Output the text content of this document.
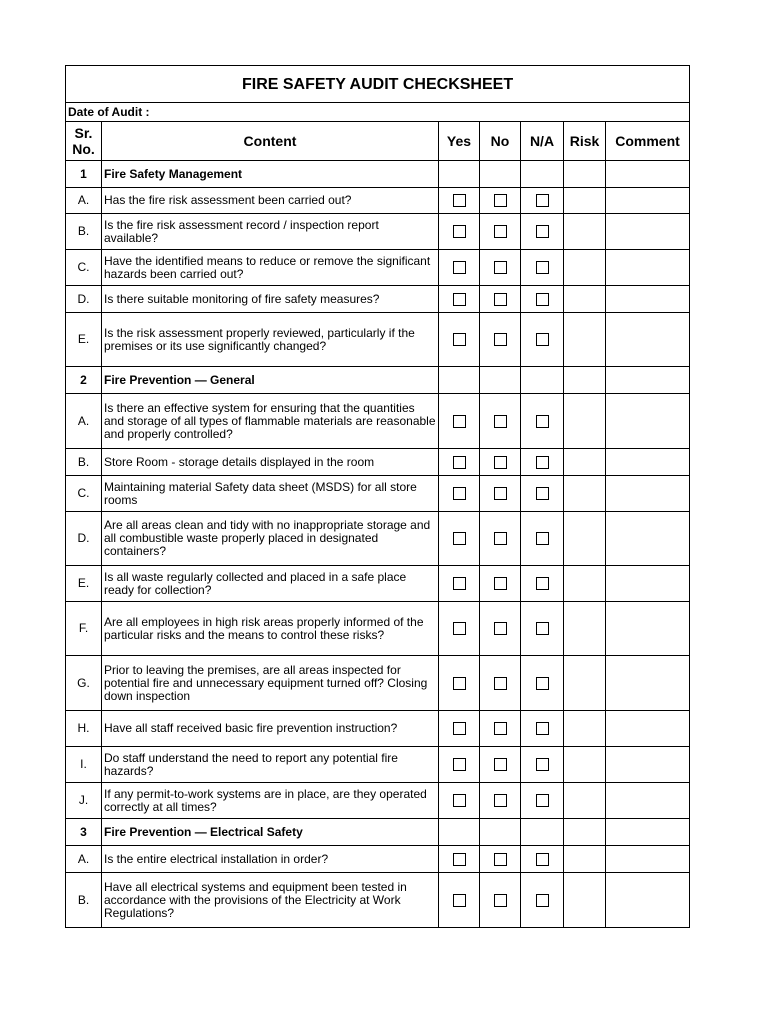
FIRE SAFETY AUDIT CHECKSHEET						
Date of Audit :						
Sr. No.	Content	Yes	No	N/A	Risk	Comment
1	Fire Safety Management					
A.	Has the fire risk assessment been carried out?					
B.	Is the fire risk assessment record / inspection report available?					
C.	Have the identified means to reduce or remove the significant hazards been carried out?					
D.	Is there suitable monitoring of fire safety measures?					
E.	Is the risk assessment properly reviewed, particularly if the premises or its use significantly changed?					
2	Fire Prevention — General					
A.	Is there an effective system for ensuring that the quantities and storage of all types of flammable materials are reasonable and properly controlled?					
B.	Store Room - storage details displayed in the room					
C.	Maintaining material Safety data sheet (MSDS) for all store rooms					
D.	Are all areas clean and tidy with no inappropriate storage and all combustible waste properly placed in designated containers?					
E.	Is all waste regularly collected and placed in a safe place ready for collection?					
F.	Are all employees in high risk areas properly informed of the particular risks and the means to control these risks?					
G.	Prior to leaving the premises, are all areas inspected for potential fire and unnecessary equipment turned off? Closing down inspection					
H.	Have all staff received basic fire prevention instruction?					
I.	Do staff understand the need to report any potential fire hazards?					
J.	If any permit-to-work systems are in place, are they operated correctly at all times?					
3	Fire Prevention — Electrical Safety					
A.	Is the entire electrical installation in order?					
B.	Have all electrical systems and equipment been tested in accordance with the provisions of the Electricity at Work Regulations?					
